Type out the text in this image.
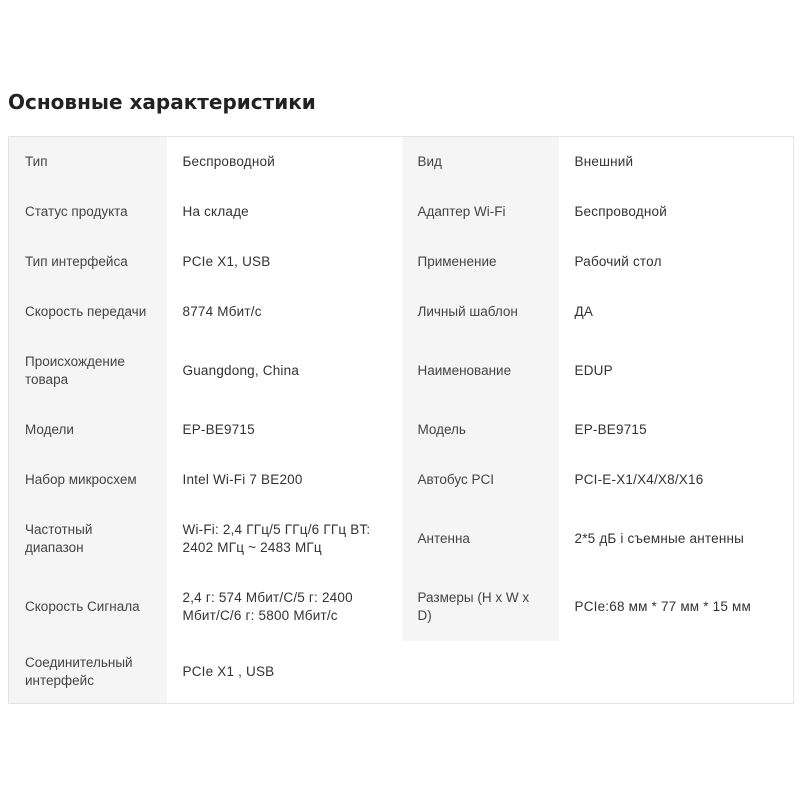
Основные характеристики
Тип	Беспроводной	Вид	Внешний
Статус продукта	На складе	Адаптер Wi-Fi	Беспроводной
Тип интерфейса	PCIe X1, USB	Применение	Рабочий стол
Скорость передачи	8774 Мбит/с	Личный шаблон	ДА
Происхождение товара	Guangdong, China	Наименование	EDUP
Модели	EP-BE9715	Модель	EP-BE9715
Набор микросхем	Intel Wi-Fi 7 BE200	Автобус PCI	PCI-E-X1/X4/X8/X16
Частотный диапазон	Wi-Fi: 2,4 ГГц/5 ГГц/6 ГГц BT: 2402 МГц ~ 2483 МГц	Антенна	2*5 дБ i съемные антенны
Скорость Сигнала	2,4 г: 574 Мбит/С/5 г: 2400 Мбит/С/6 г: 5800 Мбит/с	Размеры (H x W x D)	PCIe:68 мм * 77 мм * 15 мм
Соединительный интерфейс	PCIe X1 , USB		
